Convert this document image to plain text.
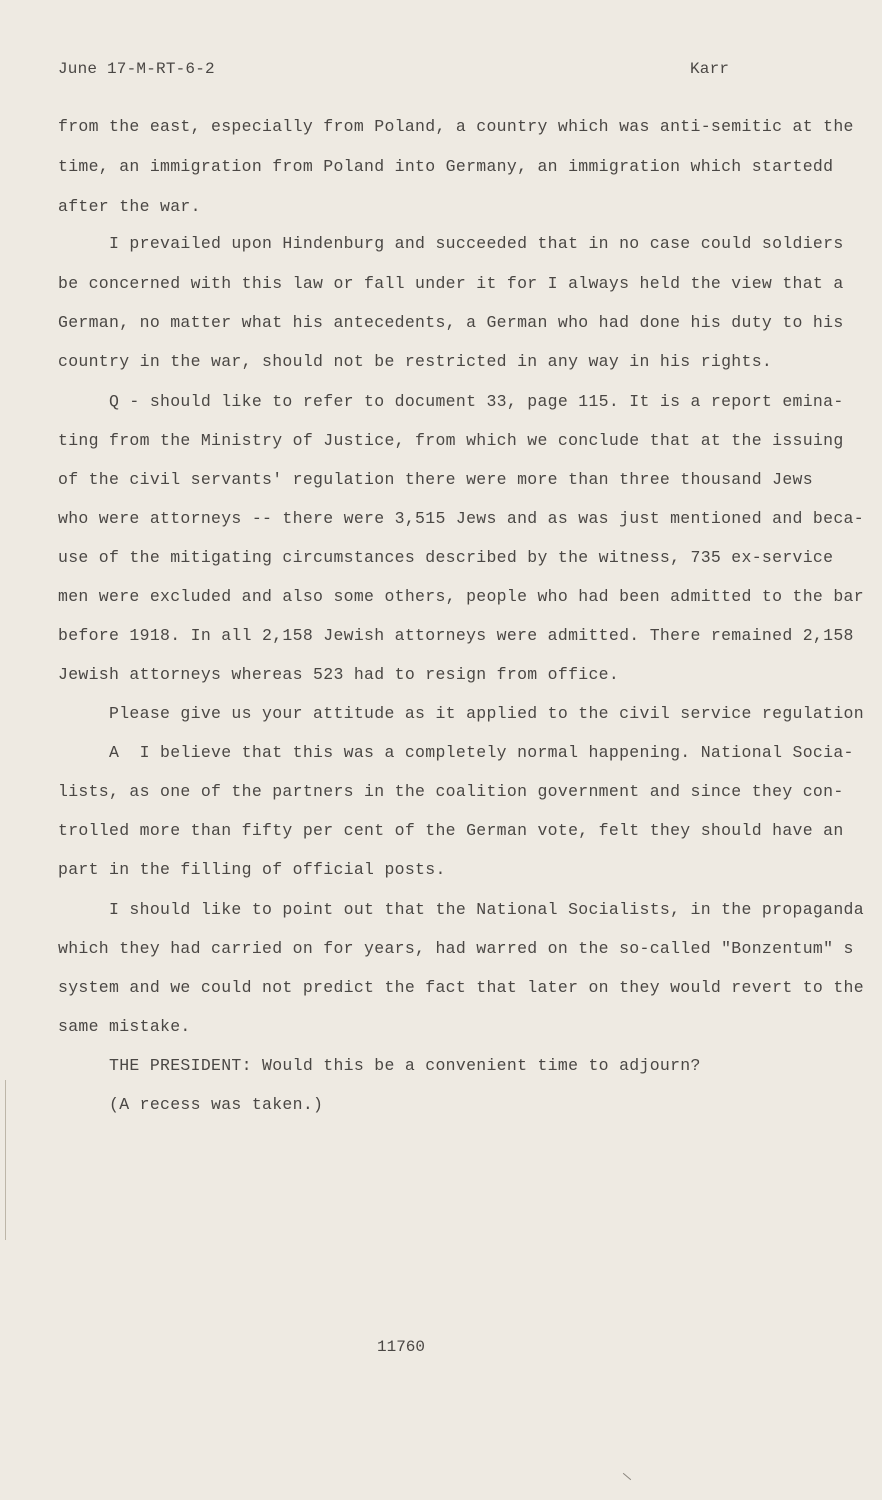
June 17-M-RT-6-2	Karr
from the east, especially from Poland, a country which was anti-semitic at the
time, an immigration from Poland into Germany, an immigration which startedd
after the war.
I prevailed upon Hindenburg and succeeded that in no case could soldiers
be concerned with this law or fall under it for I always held the view that a
German, no matter what his antecedents, a German who had done his duty to his
country in the war, should not be restricted in any way in his rights.
Q - should like to refer to document 33, page 115. It is a report emina-
ting from the Ministry of Justice, from which we conclude that at the issuing
of the civil servants' regulation there were more than three thousand Jews
who were attorneys -- there were 3,515 Jews and as was just mentioned and beca-
use of the mitigating circumstances described by the witness, 735 ex-service
men were excluded and also some others, people who had been admitted to the bar
before 1918. In all 2,158 Jewish attorneys were admitted. There remained 2,158
Jewish attorneys whereas 523 had to resign from office.
Please give us your attitude as it applied to the civil service regulation
A  I believe that this was a completely normal happening. National Socia-
lists, as one of the partners in the coalition government and since they con-
trolled more than fifty per cent of the German vote, felt they should have an
part in the filling of official posts.
I should like to point out that the National Socialists, in the propaganda
which they had carried on for years, had warred on the so-called "Bonzentum" s
system and we could not predict the fact that later on they would revert to the
same mistake.
THE PRESIDENT: Would this be a convenient time to adjourn?
(A recess was taken.)
11760
